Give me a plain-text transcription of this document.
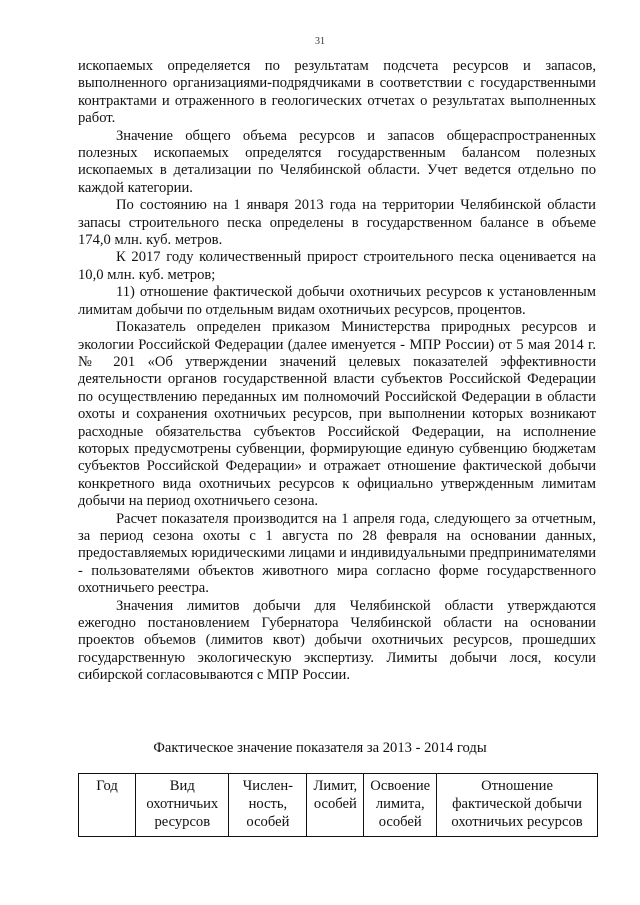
31

ископаемых определяется по результатам подсчета ресурсов и запасов, выполненного организациями-подрядчиками в соответствии с государственными контрактами и отраженного в геологических отчетах о результатах выполненных работ.

Значение общего объема ресурсов и запасов общераспространенных полезных ископаемых определятся государственным балансом полезных ископаемых в детализации по Челябинской области. Учет ведется отдельно по каждой категории.

По состоянию на 1 января 2013 года на территории Челябинской области запасы строительного песка определены в государственном балансе в объеме 174,0 млн. куб. метров.

К 2017 году количественный прирост строительного песка оценивается на 10,0 млн. куб. метров;

11) отношение фактической добычи охотничьих ресурсов к установленным лимитам добычи по отдельным видам охотничьих ресурсов, процентов.

Показатель определен приказом Министерства природных ресурсов и экологии Российской Федерации (далее именуется - МПР России) от 5 мая 2014 г. № 201 «Об утверждении значений целевых показателей эффективности деятельности органов государственной власти субъектов Российской Федерации по осуществлению переданных им полномочий Российской Федерации в области охоты и сохранения охотничьих ресурсов, при выполнении которых возникают расходные обязательства субъектов Российской Федерации, на исполнение которых предусмотрены субвенции, формирующие единую субвенцию бюджетам субъектов Российской Федерации» и отражает отношение фактической добычи конкретного вида охотничьих ресурсов к официально утвержденным лимитам добычи на период охотничьего сезона.

Расчет показателя производится на 1 апреля года, следующего за отчетным, за период сезона охоты с 1 августа по 28 февраля на основании данных, предоставляемых юридическими лицами и индивидуальными предпринимателями - пользователями объектов животного мира согласно форме государственного охотничьего реестра.

Значения лимитов добычи для Челябинской области утверждаются ежегодно постановлением Губернатора Челябинской области на основании проектов объемов (лимитов квот) добычи охотничьих ресурсов, прошедших государственную экологическую экспертизу. Лимиты добычи лося, косули сибирской согласовываются с МПР России.

Фактическое значение показателя за 2013 - 2014 годы
Год	Вид охотничьих ресурсов	Числен-ность, особей	Лимит, особей	Освоение лимита, особей	Отношение фактической добычи охотничьих ресурсов
